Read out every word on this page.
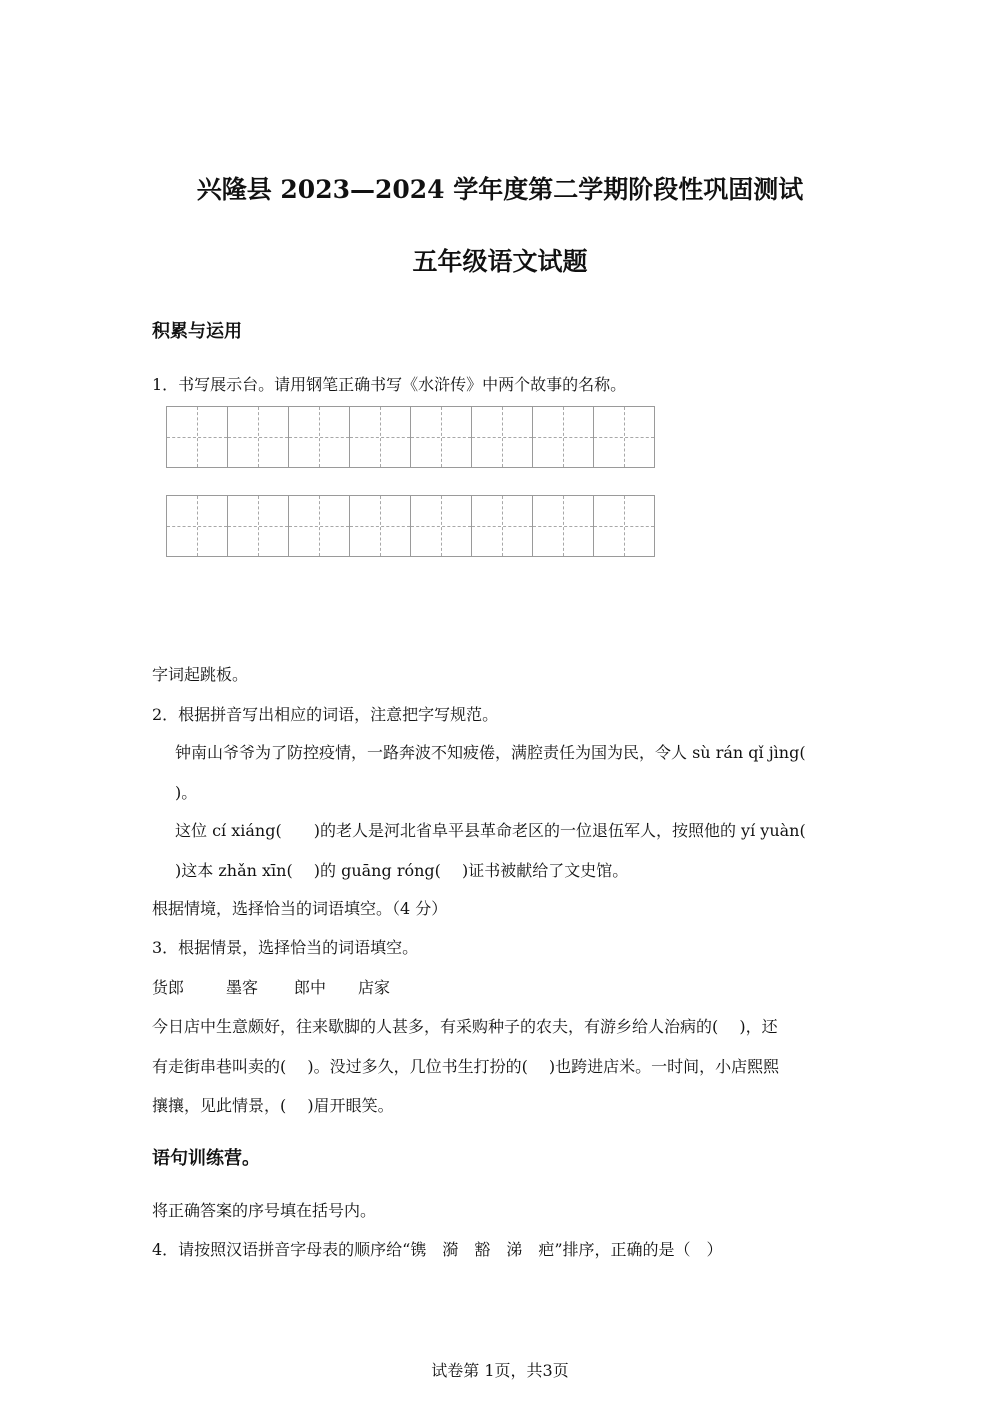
兴隆县 2023—2024 学年度第二学期阶段性巩固测试
五年级语文试题
积累与运用
1．书写展示台。请用钢笔正确书写《水浒传》中两个故事的名称。
字词起跳板。
2．根据拼音写出相应的词语，注意把字写规范。
钟南山爷爷为了防控疫情，一路奔波不知疲倦，满腔责任为国为民，令人 sù rán qǐ jìng(
)。
这位 cí xiáng(　　)的老人是河北省阜平县革命老区的一位退伍军人，按照他的 yí yuàn(
)这本 zhǎn xīn(　 )的 guāng róng(　 )证书被献给了文史馆。
根据情境，选择恰当的词语填空。（4 分）
3．根据情景，选择恰当的词语填空。
货郎	墨客 郎中 店家
今日店中生意颇好，往来歇脚的人甚多，有采购种子的农夫，有游乡给人治病的(　 )，还
有走街串巷叫卖的(　 )。没过多久，几位书生打扮的(　 )也跨进店米。一时间，小店熙熙
攘攘，见此情景，(　 )眉开眼笑。
语句训练营。
将正确答案的序号填在括号内。
4．请按照汉语拼音字母表的顺序给“镌　漪　豁　涕　疤”排序，正确的是（　）
试卷第 1页，共3页
